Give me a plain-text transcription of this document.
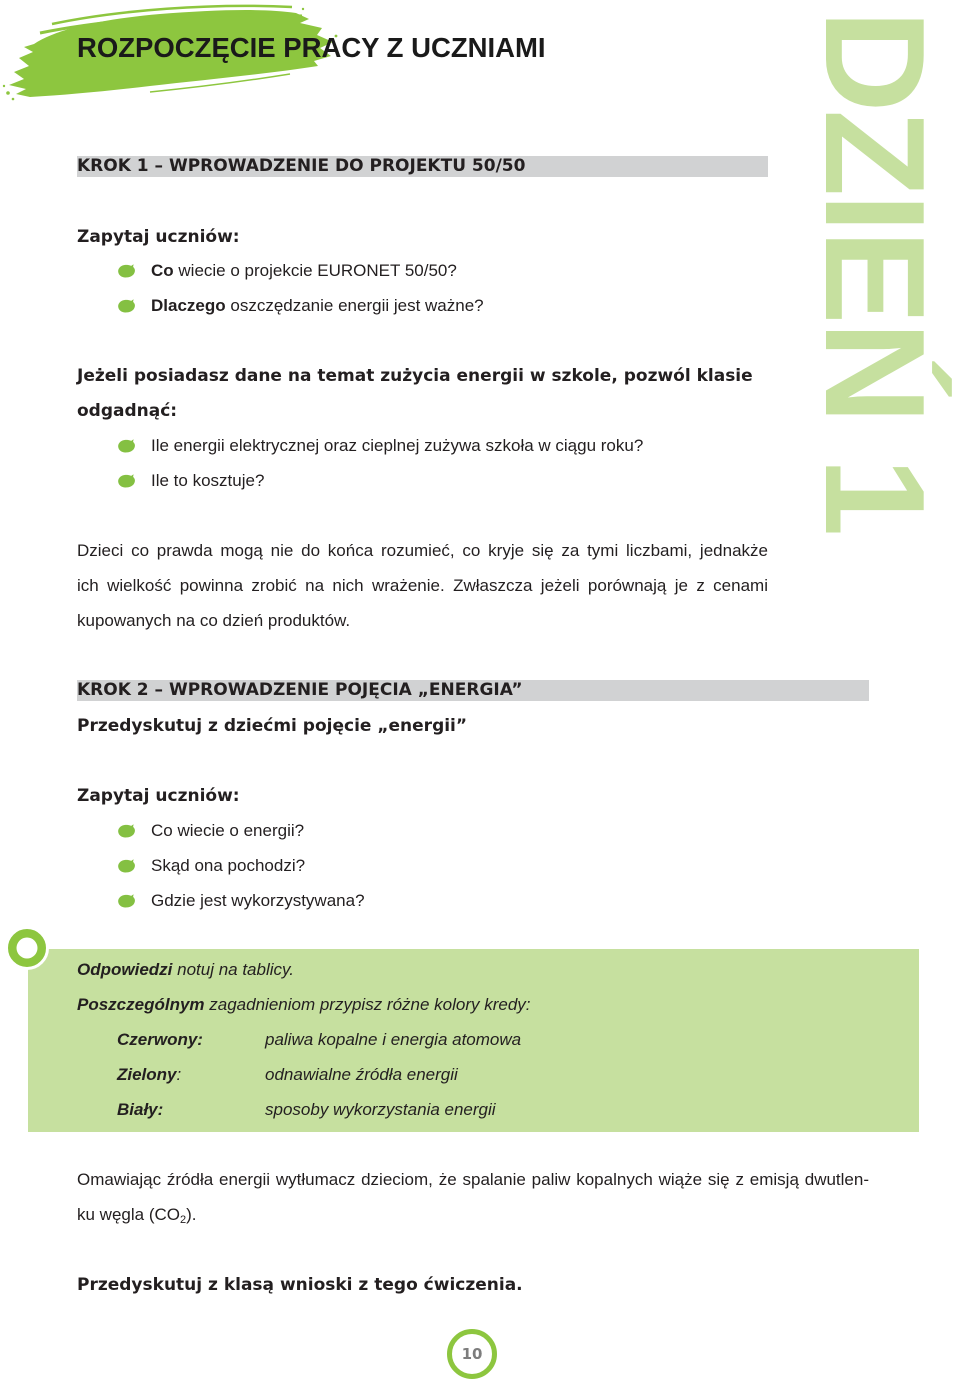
ROZPOCZĘCIE PRACY Z UCZNIAMI DZIEŃ 1
KROK 1 – WPROWADZENIE DO PROJEKTU 50/50
Zapytaj uczniów:
Co wiecie o projekcie EURONET 50/50?
Dlaczego oszczędzanie energii jest ważne?
Jeżeli posiadasz dane na temat zużycia energii w szkole, pozwól klasie
odgadnąć:
Ile energii elektrycznej oraz cieplnej zużywa szkoła w ciągu roku?
Ile to kosztuje?
Dzieci co prawda mogą nie do końca rozumieć, co kryje się za tymi liczbami, jednakże
ich wielkość powinna zrobić na nich wrażenie. Zwłaszcza jeżeli porównają je z cenami
kupowanych na co dzień produktów.
KROK 2 – WPROWADZENIE POJĘCIA „ENERGIA”
Przedyskutuj z dziećmi pojęcie „energii”
Zapytaj uczniów:
Co wiecie o energii?
Skąd ona pochodzi?
Gdzie jest wykorzystywana?
Odpowiedzi notuj na tablicy.
Poszczególnym zagadnieniom przypisz różne kolory kredy:
Czerwony:	paliwa kopalne i energia atomowa
Zielony:	odnawialne źródła energii
Biały:	sposoby wykorzystania energii
Omawiając źródła energii wytłumacz dzieciom, że spalanie paliw kopalnych wiąże się z emisją dwutlen-
ku węgla $(CO_2)$.
Przedyskutuj z klasą wnioski z tego ćwiczenia.
10
